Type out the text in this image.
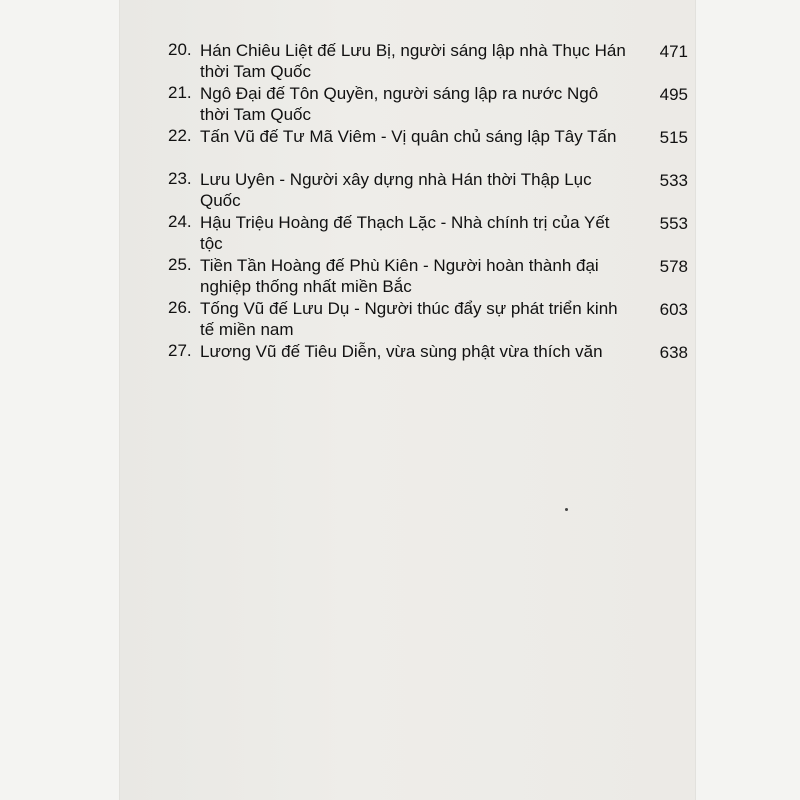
20. Hán Chiêu Liệt đế Lưu Bị, người sáng lập nhà Thục Hán thời Tam Quốc
471
21. Ngô Đại đế Tôn Quyền, người sáng lập ra nước Ngô thời Tam Quốc
495
22. Tấn Vũ đế Tư Mã Viêm - Vị quân chủ sáng lập Tây Tấn	515
23. Lưu Uyên - Người xây dựng nhà Hán thời Thập Lục Quốc
533
24. Hậu Triệu Hoàng đế Thạch Lặc - Nhà chính trị của Yết tộc
553
25. Tiền Tần Hoàng đế Phù Kiên - Người hoàn thành đại nghiệp thống nhất miền Bắc
578
26. Tống Vũ đế Lưu Dụ - Người thúc đẩy sự phát triển kinh tế miền nam
603
27. Lương Vũ đế Tiêu Diễn, vừa sùng phật vừa thích văn	638
